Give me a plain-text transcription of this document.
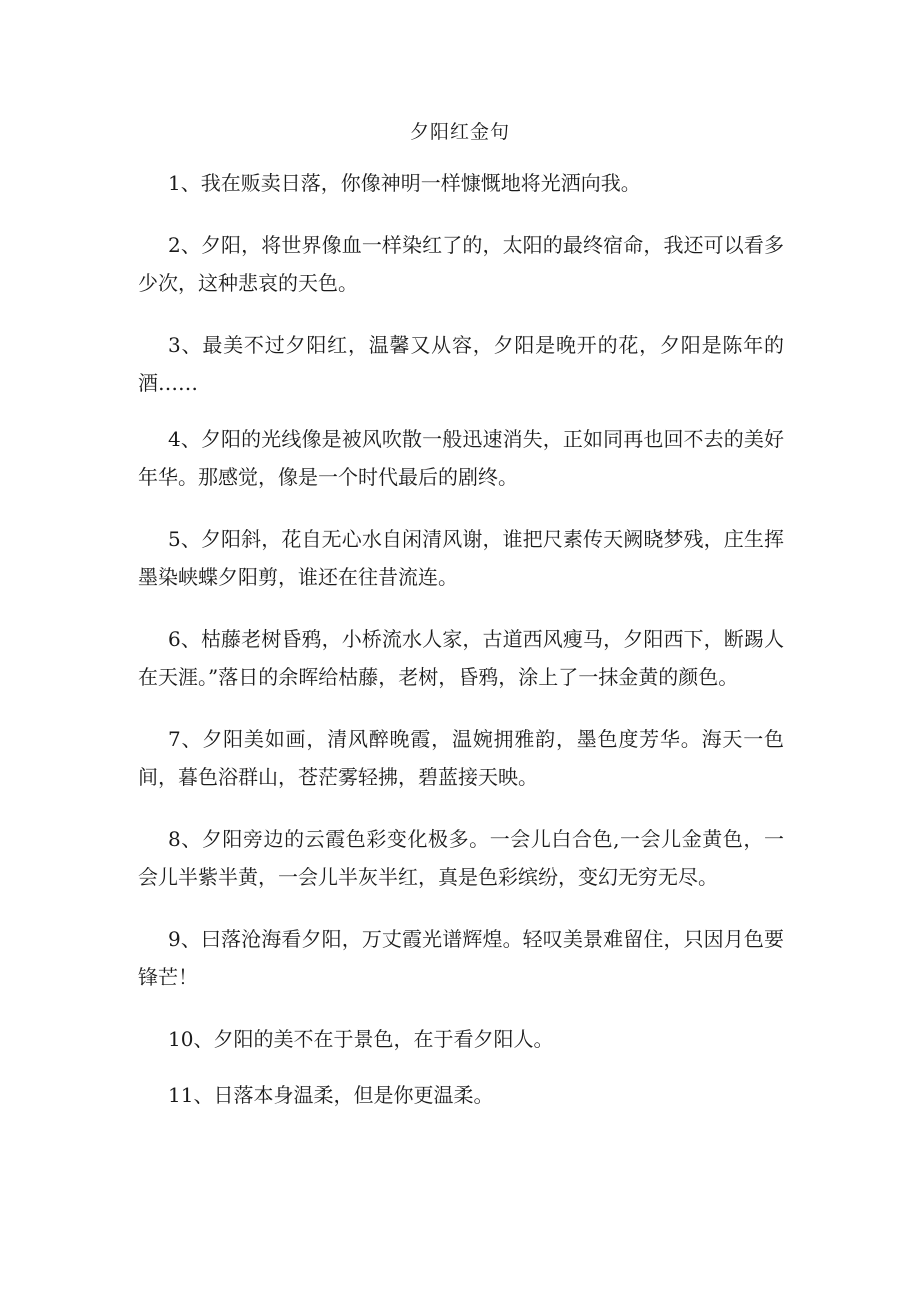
夕阳红金句

1、我在贩卖日落，你像神明一样慷慨地将光洒向我。

2、夕阳，将世界像血一样染红了的，太阳的最终宿命，我还可以看多少次，这种悲哀的天色。

3、最美不过夕阳红，温馨又从容，夕阳是晚开的花，夕阳是陈年的酒……

4、夕阳的光线像是被风吹散一般迅速消失，正如同再也回不去的美好年华。那感觉，像是一个时代最后的剧终。

5、夕阳斜，花自无心水自闲清风谢，谁把尺素传天阙晓梦残，庄生挥墨染峡蝶夕阳剪，谁还在往昔流连。

6、枯藤老树昏鸦，小桥流水人家，古道西风瘦马，夕阳西下，断踢人在天涯。”落日的余晖给枯藤，老树，昏鸦，涂上了一抹金黄的颜色。

7、夕阳美如画，清风醉晚霞，温婉拥雅韵，墨色度芳华。海天一色间，暮色浴群山，苍茫雾轻拂，碧蓝接天映。

8、夕阳旁边的云霞色彩变化极多。一会儿白合色,一会儿金黄色，一会儿半紫半黄，一会儿半灰半红，真是色彩缤纷，变幻无穷无尽。

9、曰落沧海看夕阳，万丈霞光谱辉煌。轻叹美景难留住，只因月色要锋芒！

10、夕阳的美不在于景色，在于看夕阳人。

11、日落本身温柔，但是你更温柔。
